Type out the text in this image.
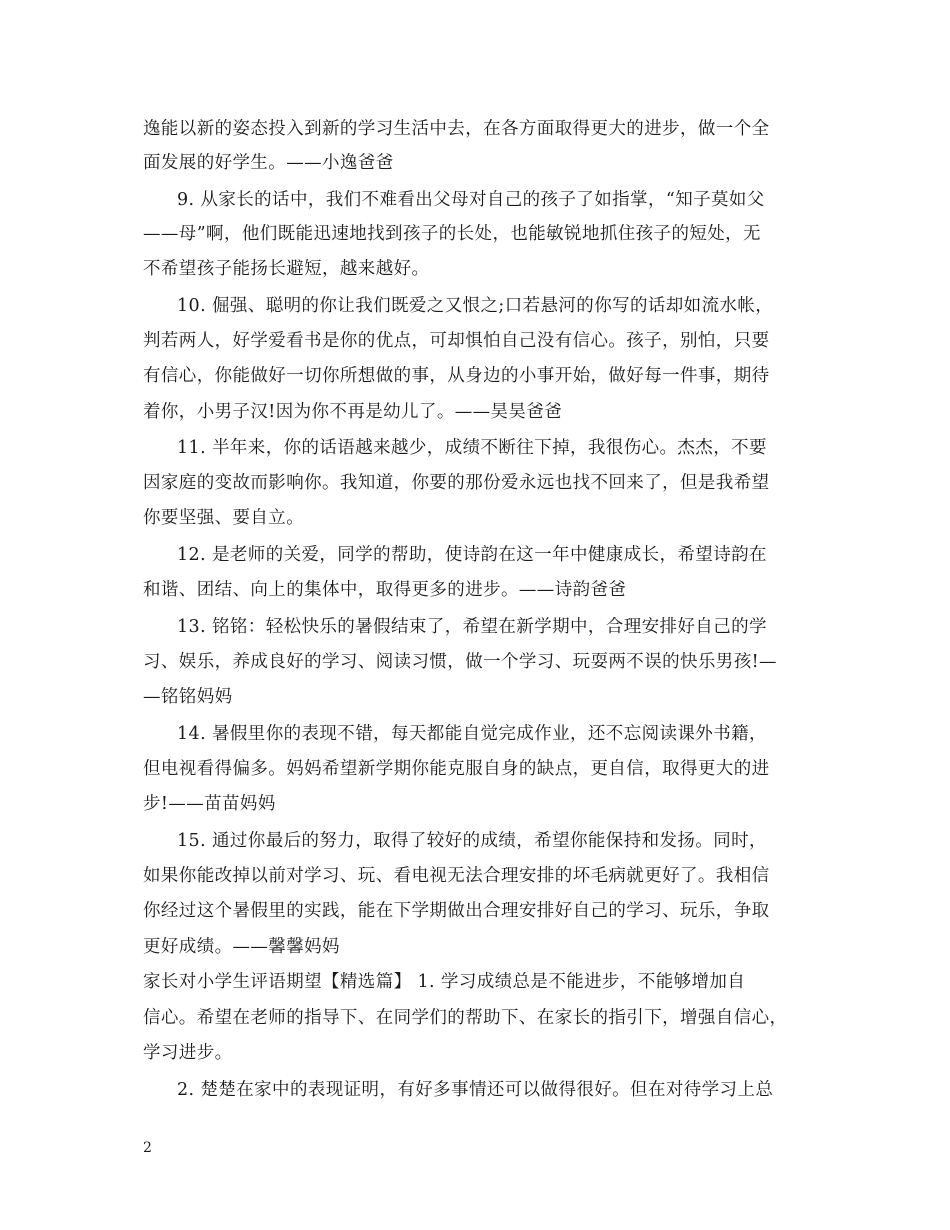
逸能以新的姿态投入到新的学习生活中去，在各方面取得更大的进步，做一个全
面发展的好学生。——小逸爸爸
9. 从家长的话中，我们不难看出父母对自己的孩子了如指掌，“知子莫如父
——母”啊，他们既能迅速地找到孩子的长处，也能敏锐地抓住孩子的短处，无
不希望孩子能扬长避短，越来越好。
10. 倔强、聪明的你让我们既爱之又恨之;口若悬河的你写的话却如流水帐，
判若两人，好学爱看书是你的优点，可却惧怕自己没有信心。孩子，别怕，只要
有信心，你能做好一切你所想做的事，从身边的小事开始，做好每一件事，期待
着你，小男子汉!因为你不再是幼儿了。——昊昊爸爸
11. 半年来，你的话语越来越少，成绩不断往下掉，我很伤心。杰杰，不要
因家庭的变故而影响你。我知道，你要的那份爱永远也找不回来了，但是我希望
你要坚强、要自立。
12. 是老师的关爱，同学的帮助，使诗韵在这一年中健康成长，希望诗韵在
和谐、团结、向上的集体中，取得更多的进步。——诗韵爸爸
13. 铭铭：轻松快乐的暑假结束了，希望在新学期中，合理安排好自己的学
习、娱乐，养成良好的学习、阅读习惯，做一个学习、玩耍两不误的快乐男孩!—
—铭铭妈妈
14. 暑假里你的表现不错，每天都能自觉完成作业，还不忘阅读课外书籍，
但电视看得偏多。妈妈希望新学期你能克服自身的缺点，更自信，取得更大的进
步!——苗苗妈妈
15. 通过你最后的努力，取得了较好的成绩，希望你能保持和发扬。同时，
如果你能改掉以前对学习、玩、看电视无法合理安排的坏毛病就更好了。我相信
你经过这个暑假里的实践，能在下学期做出合理安排好自己的学习、玩乐，争取
更好成绩。——馨馨妈妈
家长对小学生评语期望【精选篇】 1. 学习成绩总是不能进步，不能够增加自
信心。希望在老师的指导下、在同学们的帮助下、在家长的指引下，增强自信心，
学习进步。
2. 楚楚在家中的表现证明，有好多事情还可以做得很好。但在对待学习上总
2
